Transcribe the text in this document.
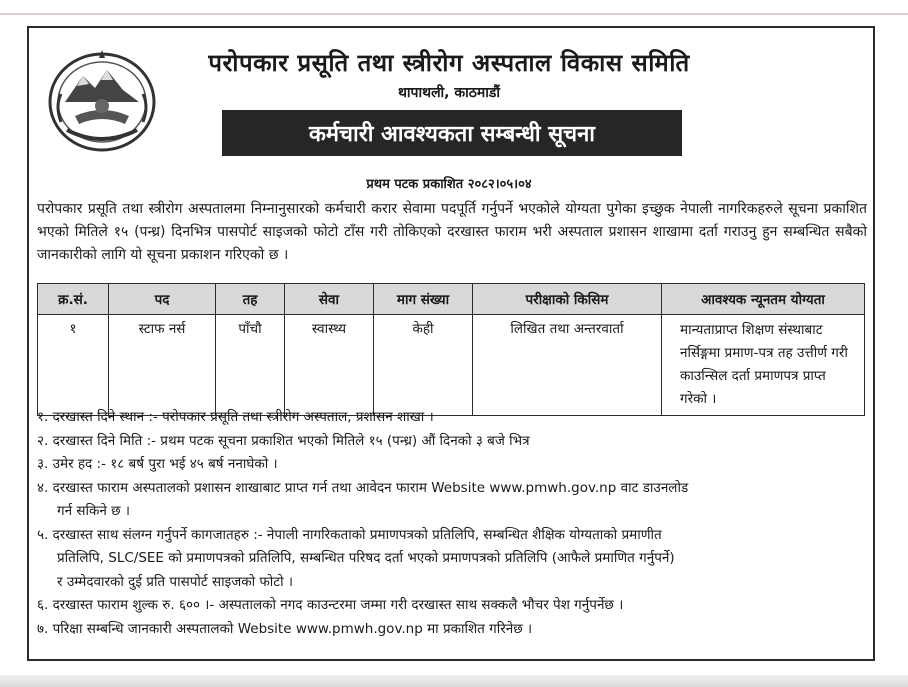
परोपकार प्रसूति तथा स्त्रीरोग अस्पताल विकास समिति
थापाथली, काठमाडौं
कर्मचारी आवश्यकता सम्बन्धी सूचना
प्रथम पटक प्रकाशित २०८२।०५।०४
परोपकार प्रसूति तथा स्त्रीरोग अस्पतालमा निम्नानुसारको कर्मचारी करार सेवामा पदपूर्ति गर्नुपर्ने भएकोले योग्यता पुगेका इच्छुक नेपाली नागरिकहरुले सूचना प्रकाशित भएको मितिले १५ (पन्ध्र) दिनभित्र पासपोर्ट साइजको फोटो टाँस गरी तोकिएको दरखास्त फाराम भरी अस्पताल प्रशासन शाखामा दर्ता गराउनु हुन सम्बन्धित सबैको जानकारीको लागि यो सूचना प्रकाशन गरिएको छ ।
क्र.सं.	पद	तह	सेवा	माग संख्या	परीक्षाको किसिम	आवश्यक न्यूनतम योग्यता
१	स्टाफ नर्स	पाँचौ	स्वास्थ्य	केही	लिखित तथा अन्तरवार्ता	मान्यताप्राप्त शिक्षण संस्थाबाट नर्सिङ्गमा प्रमाण-पत्र तह उत्तीर्ण गरी काउन्सिल दर्ता प्रमाणपत्र प्राप्त गरेको ।

१. दरखास्त दिने स्थान :- परोपकार प्रसूति तथा स्त्रीरोग अस्पताल, प्रशासन शाखा ।

२. दरखास्त दिने मिति :- प्रथम पटक सूचना प्रकाशित भएको मितिले १५ (पन्ध्र) औं दिनको ३ बजे भित्र

३. उमेर हद :- १८ बर्ष पुरा भई ४५ बर्ष ननाघेको ।

४. दरखास्त फाराम अस्पतालको प्रशासन शाखाबाट प्राप्त गर्न तथा आवेदन फाराम Website www.pmwh.gov.np वाट डाउनलोड

गर्न सकिने छ ।

५. दरखास्त साथ संलग्न गर्नुपर्ने कागजातहरु :- नेपाली नागरिकताको प्रमाणपत्रको प्रतिलिपि, सम्बन्धित शैक्षिक योग्यताको प्रमाणीत

प्रतिलिपि, SLC/SEE को प्रमाणपत्रको प्रतिलिपि, सम्बन्धित परिषद दर्ता भएको प्रमाणपत्रको प्रतिलिपि (आफैले प्रमाणित गर्नुपर्ने)

र उम्मेदवारको दुई प्रति पासपोर्ट साइजको फोटो ।

६. दरखास्त फाराम शुल्क रु. ६०० ।- अस्पतालको नगद काउन्टरमा जम्मा गरी दरखास्त साथ सक्कलै भौचर पेश गर्नुपर्नेछ ।

७. परिक्षा सम्बन्धि जानकारी अस्पतालको Website www.pmwh.gov.np मा प्रकाशित गरिनेछ ।
